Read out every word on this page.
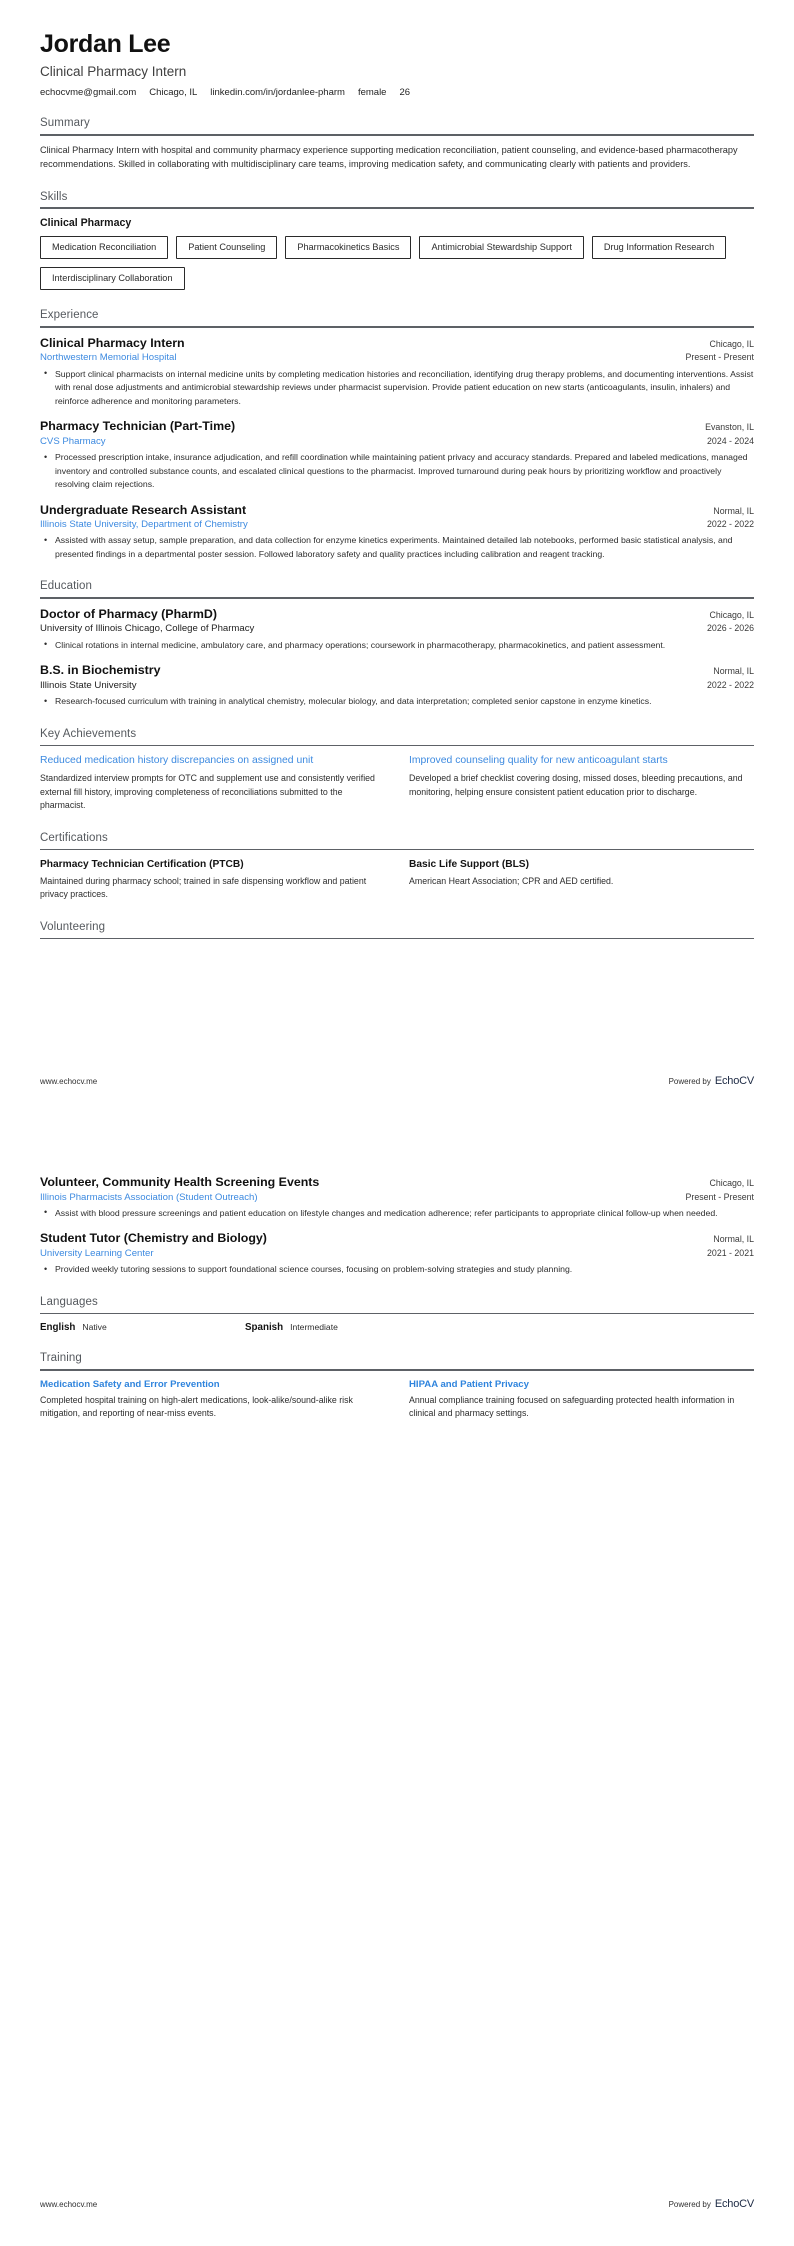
Jordan Lee
Clinical Pharmacy Intern
echocvme@gmail.com Chicago, IL linkedin.com/in/jordanlee-pharm female 26
Summary

Clinical Pharmacy Intern with hospital and community pharmacy experience supporting medication reconciliation, patient counseling, and evidence-based pharmacotherapy recommendations. Skilled in collaborating with multidisciplinary care teams, improving medication safety, and communicating clearly with patients and providers.

Skills
Clinical Pharmacy
Medication Reconciliation	Patient Counseling	Pharmacokinetics Basics	Antimicrobial Stewardship Support	Drug Information Research
Interdisciplinary Collaboration
Experience
Clinical Pharmacy Intern	Chicago, IL
Northwestern Memorial Hospital	Present - Present
• Support clinical pharmacists on internal medicine units by completing medication histories and reconciliation, identifying drug therapy problems, and documenting interventions. Assist with renal dose adjustments and antimicrobial stewardship reviews under pharmacist supervision. Provide patient education on new starts (anticoagulants, insulin, inhalers) and reinforce adherence and monitoring parameters.
Pharmacy Technician (Part-Time)	Evanston, IL
CVS Pharmacy	2024 - 2024
• Processed prescription intake, insurance adjudication, and refill coordination while maintaining patient privacy and accuracy standards. Prepared and labeled medications, managed inventory and controlled substance counts, and escalated clinical questions to the pharmacist. Improved turnaround during peak hours by prioritizing workflow and proactively resolving claim rejections.
Undergraduate Research Assistant	Normal, IL
Illinois State University, Department of Chemistry	2022 - 2022
• Assisted with assay setup, sample preparation, and data collection for enzyme kinetics experiments. Maintained detailed lab notebooks, performed basic statistical analysis, and presented findings in a departmental poster session. Followed laboratory safety and quality practices including calibration and reagent tracking.
Education
Doctor of Pharmacy (PharmD)	Chicago, IL
University of Illinois Chicago, College of Pharmacy	2026 - 2026
• Clinical rotations in internal medicine, ambulatory care, and pharmacy operations; coursework in pharmacotherapy, pharmacokinetics, and patient assessment.
B.S. in Biochemistry	Normal, IL
Illinois State University	2022 - 2022
• Research-focused curriculum with training in analytical chemistry, molecular biology, and data interpretation; completed senior capstone in enzyme kinetics.
Key Achievements
Reduced medication history discrepancies on assigned unit

Standardized interview prompts for OTC and supplement use and consistently verified external fill history, improving completeness of reconciliations submitted to the pharmacist.

Improved counseling quality for new anticoagulant starts

Developed a brief checklist covering dosing, missed doses, bleeding precautions, and monitoring, helping ensure consistent patient education prior to discharge.

Certifications
Pharmacy Technician Certification (PTCB)

Maintained during pharmacy school; trained in safe dispensing workflow and patient privacy practices.

Basic Life Support (BLS)

American Heart Association; CPR and AED certified.

Volunteering
www.echocv.me	Powered by EchoCV
Volunteer, Community Health Screening Events	Chicago, IL
Illinois Pharmacists Association (Student Outreach)	Present - Present
• Assist with blood pressure screenings and patient education on lifestyle changes and medication adherence; refer participants to appropriate clinical follow-up when needed.
Student Tutor (Chemistry and Biology)	Normal, IL
University Learning Center	2021 - 2021
• Provided weekly tutoring sessions to support foundational science courses, focusing on problem-solving strategies and study planning.
Languages
English Native	Spanish Intermediate
Training
Medication Safety and Error Prevention

Completed hospital training on high-alert medications, look-alike/sound-alike risk mitigation, and reporting of near-miss events.

HIPAA and Patient Privacy

Annual compliance training focused on safeguarding protected health information in clinical and pharmacy settings.

www.echocv.me	Powered by EchoCV
